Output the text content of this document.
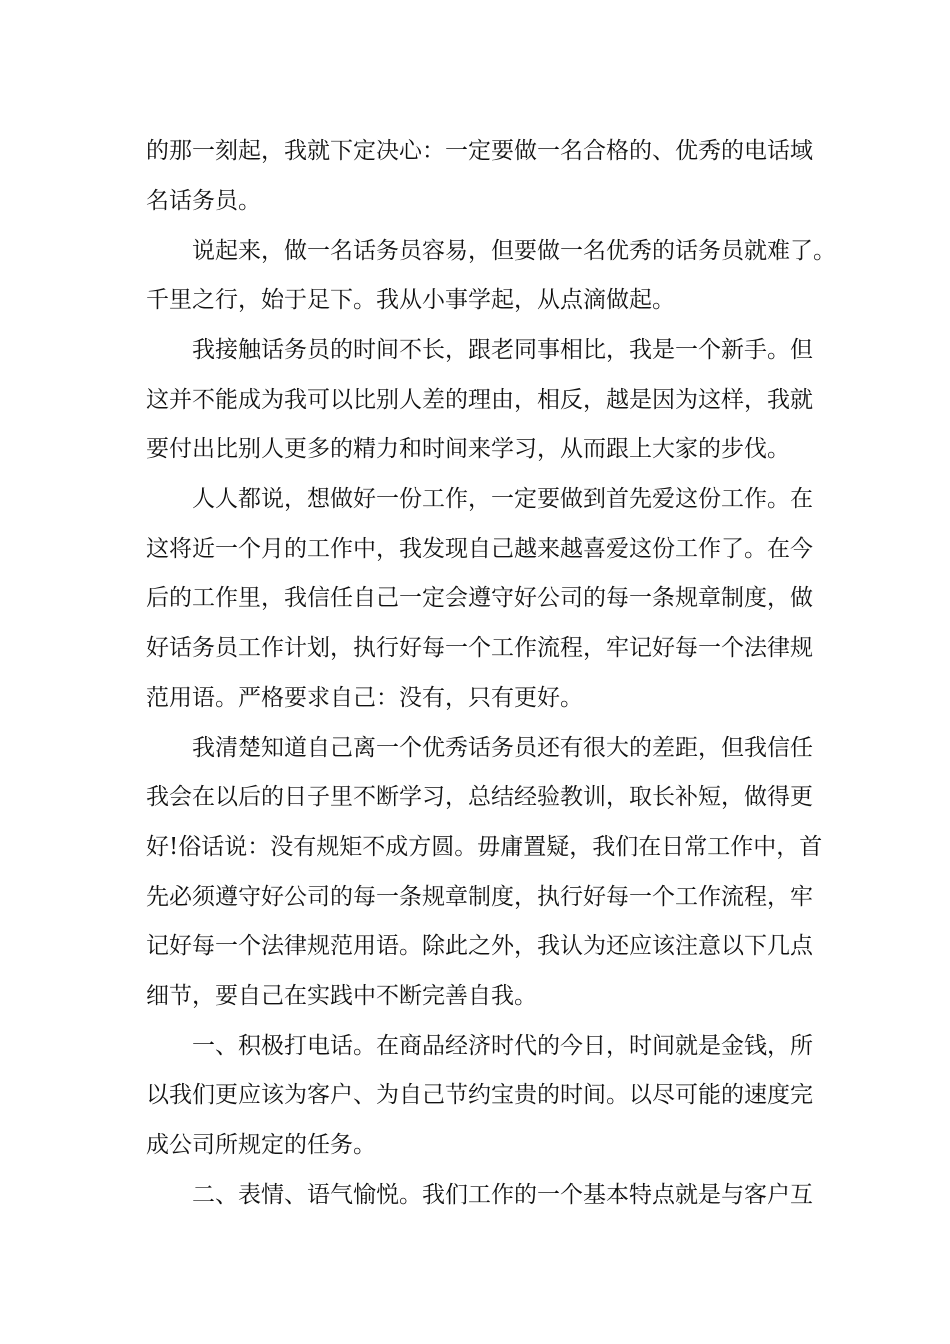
的那一刻起，我就下定决心：一定要做一名合格的、优秀的电话域
名话务员。
说起来，做一名话务员容易，但要做一名优秀的话务员就难了。
千里之行，始于足下。我从小事学起，从点滴做起。
我接触话务员的时间不长，跟老同事相比，我是一个新手。但
这并不能成为我可以比别人差的理由，相反，越是因为这样，我就
要付出比别人更多的精力和时间来学习，从而跟上大家的步伐。
人人都说，想做好一份工作，一定要做到首先爱这份工作。在
这将近一个月的工作中，我发现自己越来越喜爱这份工作了。在今
后的工作里，我信任自己一定会遵守好公司的每一条规章制度，做
好话务员工作计划，执行好每一个工作流程，牢记好每一个法律规
范用语。严格要求自己：没有，只有更好。
我清楚知道自己离一个优秀话务员还有很大的差距，但我信任
我会在以后的日子里不断学习，总结经验教训，取长补短，做得更
好!俗话说：没有规矩不成方圆。毋庸置疑，我们在日常工作中，首
先必须遵守好公司的每一条规章制度，执行好每一个工作流程，牢
记好每一个法律规范用语。除此之外，我认为还应该注意以下几点
细节，要自己在实践中不断完善自我。
一、积极打电话。在商品经济时代的今日，时间就是金钱，所
以我们更应该为客户、为自己节约宝贵的时间。以尽可能的速度完
成公司所规定的任务。
二、表情、语气愉悦。我们工作的一个基本特点就是与客户互
